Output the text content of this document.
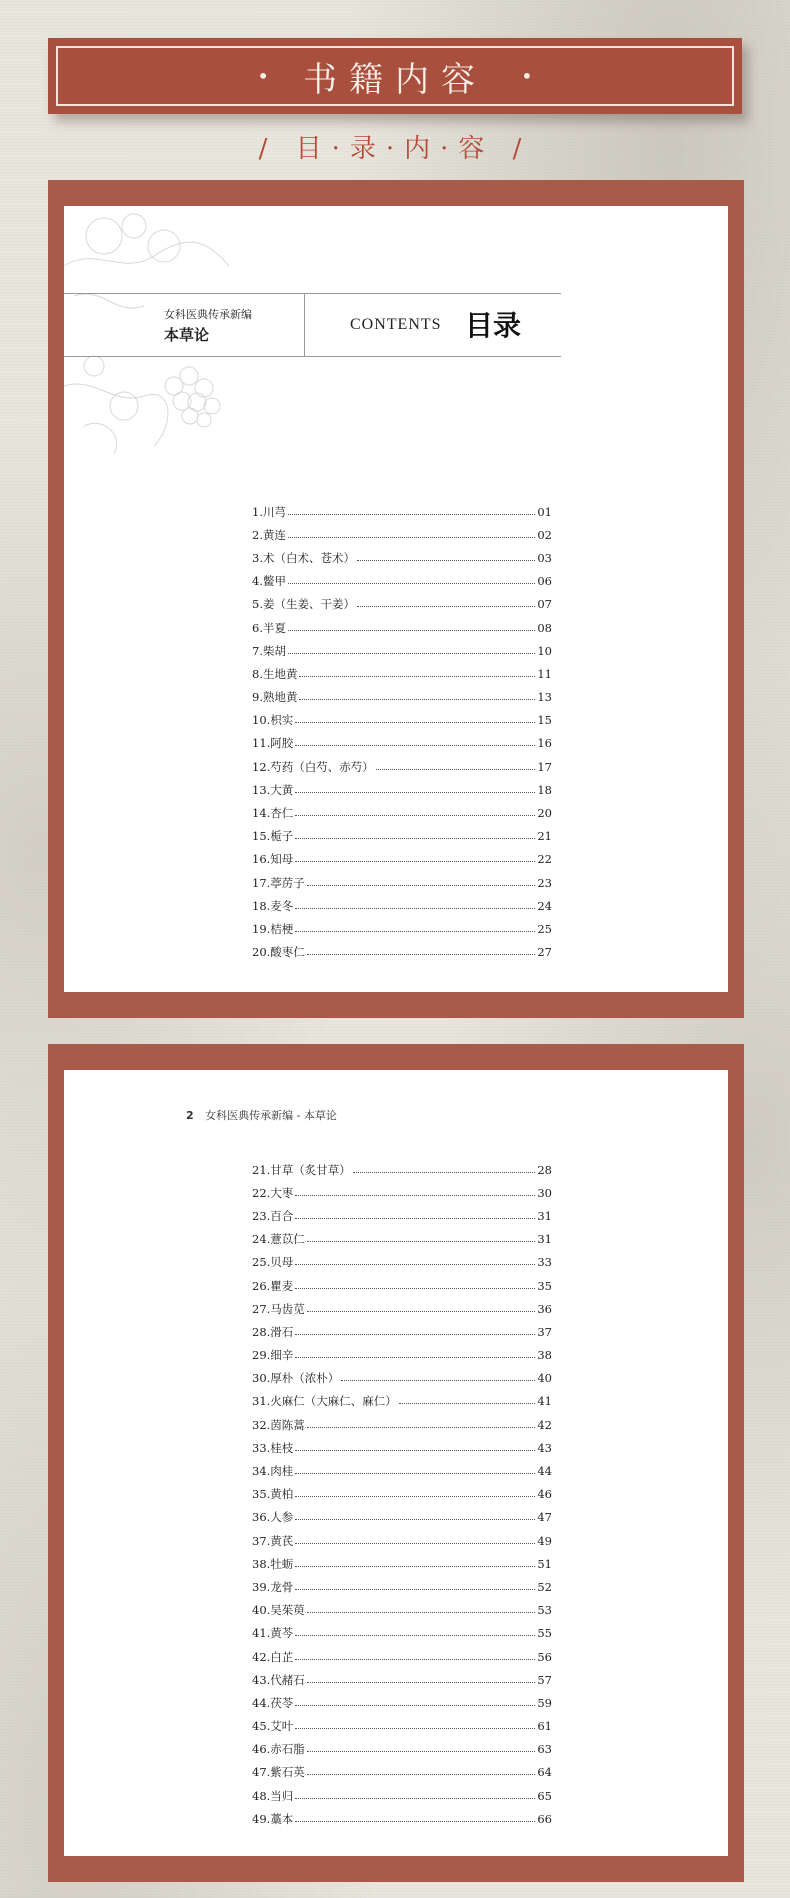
• 书籍内容 •
/ 目·录·内·容 /
女科医典传承新编
本草论
CONTENTS 目录
1.川芎	01
2.黄连	02
3.术（白术、苍术）	03
4.鳖甲	06
5.姜（生姜、干姜）	07
6.半夏	08
7.柴胡	10
8.生地黄	11
9.熟地黄	13
10.枳实	15
11.阿胶	16
12.芍药（白芍、赤芍）	17
13.大黄	18
14.杏仁	20
15.栀子	21
16.知母	22
17.葶苈子	23
18.麦冬	24
19.桔梗	25
20.酸枣仁	27
2 女科医典传承新编 - 本草论
21.甘草（炙甘草）	28
22.大枣	30
23.百合	31
24.薏苡仁	31
25.贝母	33
26.瞿麦	35
27.马齿苋	36
28.滑石	37
29.细辛	38
30.厚朴（浓朴）	40
31.火麻仁（大麻仁、麻仁）	41
32.茵陈蒿	42
33.桂枝	43
34.肉桂	44
35.黄柏	46
36.人参	47
37.黄芪	49
38.牡蛎	51
39.龙骨	52
40.吴茱萸	53
41.黄芩	55
42.白芷	56
43.代赭石	57
44.茯苓	59
45.艾叶	61
46.赤石脂	63
47.紫石英	64
48.当归	65
49.藁本	66
